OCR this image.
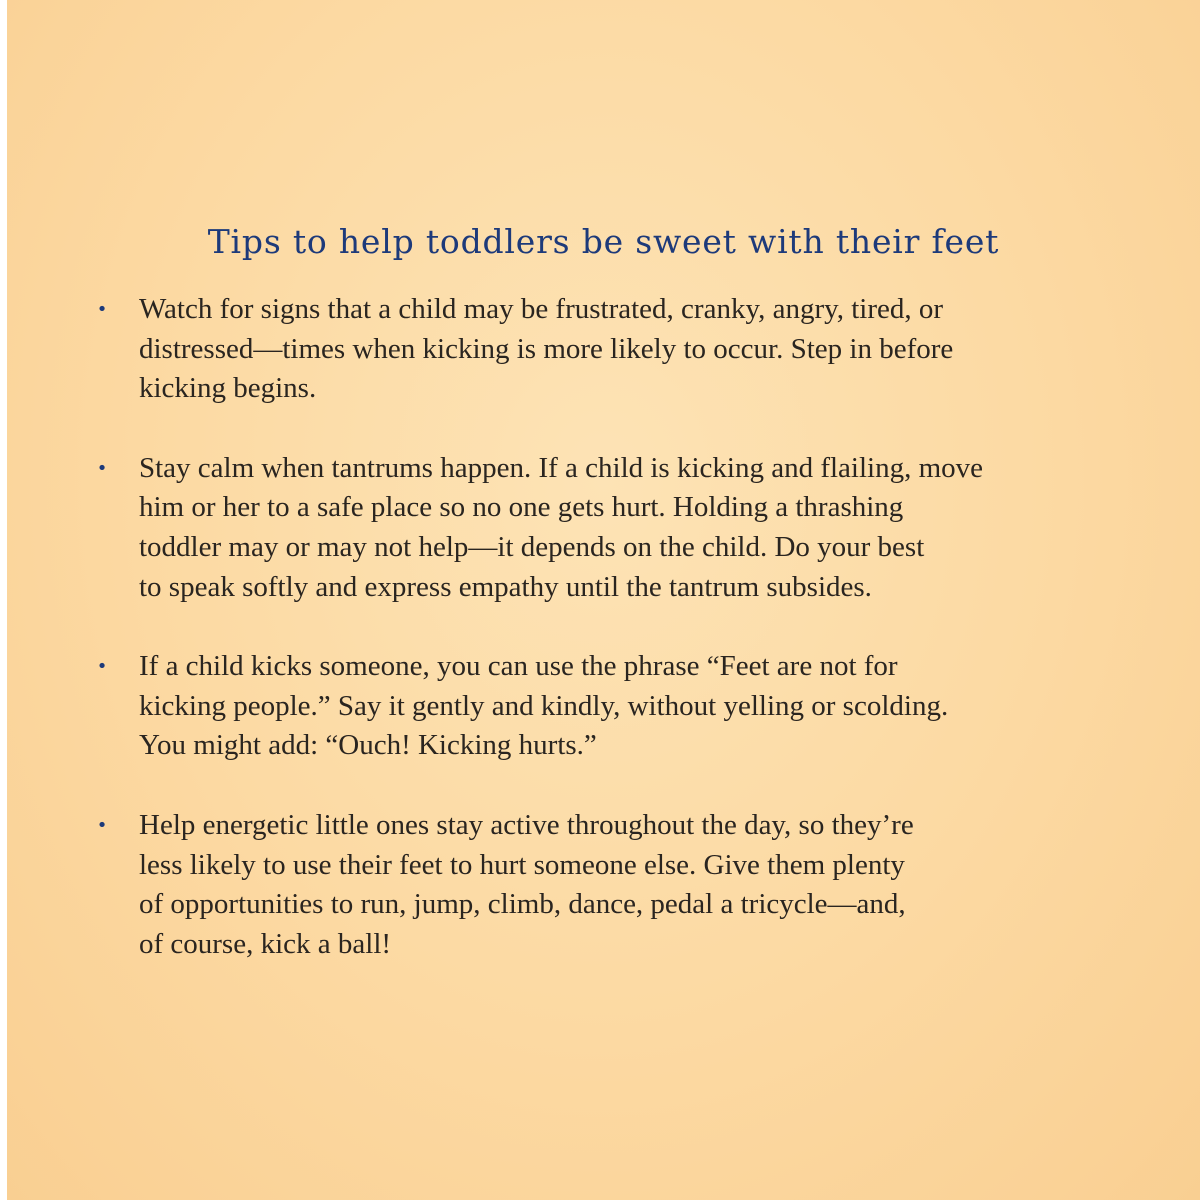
Tips to help toddlers be sweet with their feet
• Watch for signs that a child may be frustrated, cranky, angry, tired, or
distressed—times when kicking is more likely to occur. Step in before
kicking begins.
• Stay calm when tantrums happen. If a child is kicking and flailing, move
him or her to a safe place so no one gets hurt. Holding a thrashing
toddler may or may not help—it depends on the child. Do your best
to speak softly and express empathy until the tantrum subsides.
• If a child kicks someone, you can use the phrase “Feet are not for
kicking people.” Say it gently and kindly, without yelling or scolding.
You might add: “Ouch! Kicking hurts.”
• Help energetic little ones stay active throughout the day, so they’re
less likely to use their feet to hurt someone else. Give them plenty
of opportunities to run, jump, climb, dance, pedal a tricycle—and,
of course, kick a ball!
